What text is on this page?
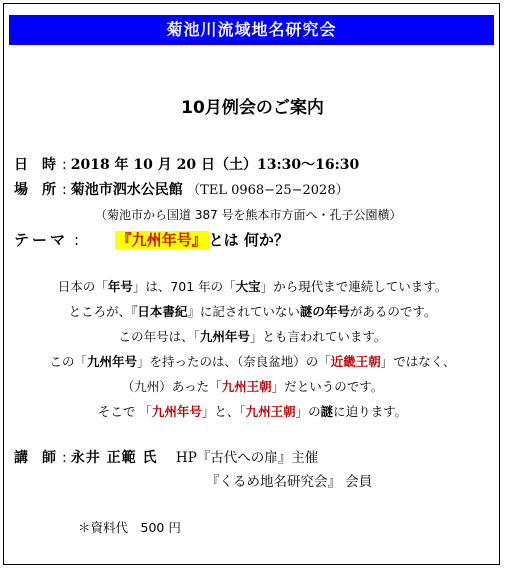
菊池川流域地名研究会
10月例会のご案内
日　時 : 2018 年 10 月 20 日（土）13:30〜16:30
場　所 : 菊池市泗水公民館 （TEL 0968−25−2028）
（菊池市から国道 387 号を熊本市方面へ・孔子公園横）
テーマ :	『九州年号』 とは 何か？
日本の「年号」は、701 年の「大宝」から現代まで連続しています。
ところが、『日本書紀』に記されていない謎の年号があるのです。
この年号は、「九州年号」とも言われています。
この「九州年号」を持ったのは、（奈良盆地）の「近畿王朝」ではなく、
（九州）あった「九州王朝」だというのです。
そこで 「九州年号」と、「九州王朝」の謎に迫ります。
講　師 : 永井 正範 氏 HP『古代への扉』主催
『くるめ地名研究会』 会員
＊資料代　500 円
